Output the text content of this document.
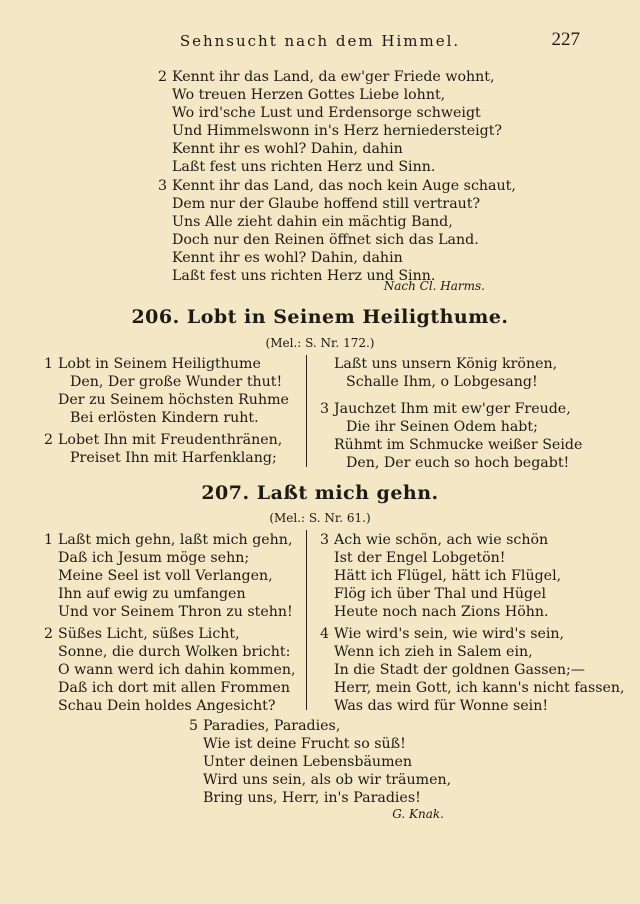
Sehnsucht nach dem Himmel.	227
2 Kennt ihr das Land, da ew'ger Friede wohnt,
Wo treuen Herzen Gottes Liebe lohnt,
Wo ird'sche Lust und Erdensorge schweigt
Und Himmelswonn in's Herz herniedersteigt?
Kennt ihr es wohl? Dahin, dahin
Laßt fest uns richten Herz und Sinn.
3 Kennt ihr das Land, das noch kein Auge schaut,
Dem nur der Glaube hoffend still vertraut?
Uns Alle zieht dahin ein mächtig Band,
Doch nur den Reinen öffnet sich das Land.
Kennt ihr es wohl? Dahin, dahin
Laßt fest uns richten Herz und Sinn.
Nach Cl. Harms.
206. Lobt in Seinem Heiligthume.
(Mel.: S. Nr. 172.)
1 Lobt in Seinem Heiligthume
Den, Der große Wunder thut!
Der zu Seinem höchsten Ruhme
Bei erlösten Kindern ruht.
2 Lobet Ihn mit Freudenthränen,
Preiset Ihn mit Harfenklang;
Laßt uns unsern König krönen,
Schalle Ihm, o Lobgesang!
3 Jauchzet Ihm mit ew'ger Freude,
Die ihr Seinen Odem habt;
Rühmt im Schmucke weißer Seide
Den, Der euch so hoch begabt!
207. Laßt mich gehn.
(Mel.: S. Nr. 61.)
1 Laßt mich gehn, laßt mich gehn,
Daß ich Jesum möge sehn;
Meine Seel ist voll Verlangen,
Ihn auf ewig zu umfangen
Und vor Seinem Thron zu stehn!
2 Süßes Licht, süßes Licht,
Sonne, die durch Wolken bricht:
O wann werd ich dahin kommen,
Daß ich dort mit allen Frommen
Schau Dein holdes Angesicht?
3 Ach wie schön, ach wie schön
Ist der Engel Lobgetön!
Hätt ich Flügel, hätt ich Flügel,
Flög ich über Thal und Hügel
Heute noch nach Zions Höhn.
4 Wie wird's sein, wie wird's sein,
Wenn ich zieh in Salem ein,
In die Stadt der goldnen Gassen;—
Herr, mein Gott, ich kann's nicht fassen,
Was das wird für Wonne sein!
5 Paradies, Paradies,
Wie ist deine Frucht so süß!
Unter deinen Lebensbäumen
Wird uns sein, als ob wir träumen,
Bring uns, Herr, in's Paradies!
G. Knak.
